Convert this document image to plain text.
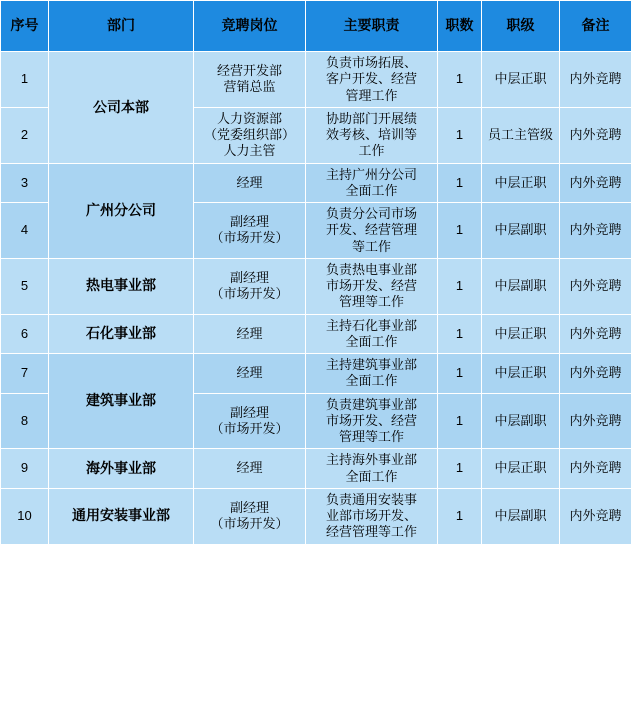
序号	部门	竞聘岗位	主要职责	职数	职级	备注
1	公司本部	经营开发部
营销总监	负责市场拓展、
客户开发、经营
管理工作	1	中层正职	内外竞聘
2		人力资源部
（党委组织部）
人力主管	协助部门开展绩
效考核、培训等
工作	1	员工主管级	内外竞聘
3	广州分公司	经理	主持广州分公司
全面工作	1	中层正职	内外竞聘
4		副经理
（市场开发）	负责分公司市场
开发、经营管理
等工作	1	中层副职	内外竞聘
5	热电事业部	副经理
（市场开发）	负责热电事业部
市场开发、经营
管理等工作	1	中层副职	内外竞聘
6	石化事业部	经理	主持石化事业部
全面工作	1	中层正职	内外竞聘
7	建筑事业部	经理	主持建筑事业部
全面工作	1	中层正职	内外竞聘
8		副经理
（市场开发）	负责建筑事业部
市场开发、经营
管理等工作	1	中层副职	内外竞聘
9	海外事业部	经理	主持海外事业部
全面工作	1	中层正职	内外竞聘
10	通用安装事业部	副经理
（市场开发）	负责通用安装事
业部市场开发、
经营管理等工作	1	中层副职	内外竞聘
